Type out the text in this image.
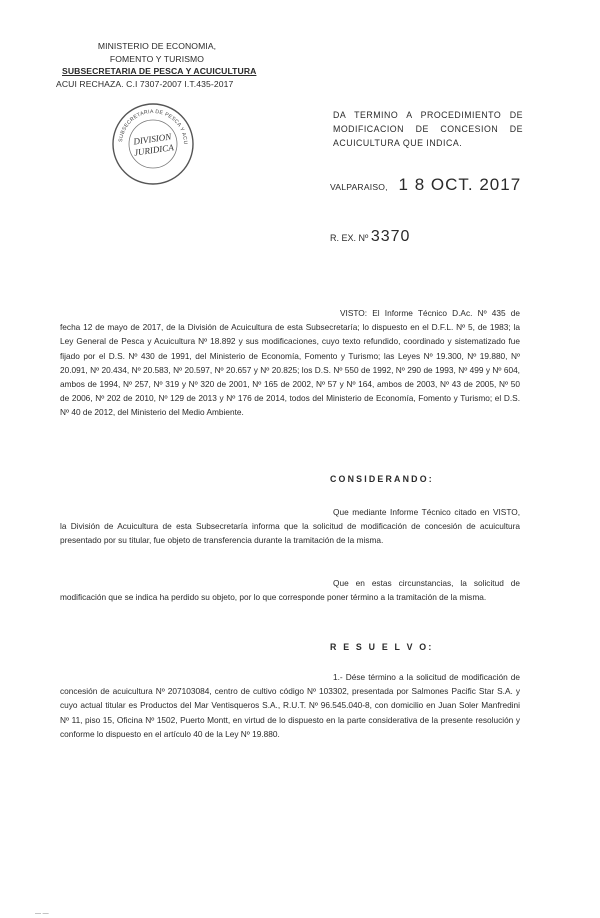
MINISTERIO DE ECONOMIA,
FOMENTO Y TURISMO
SUBSECRETARIA DE PESCA Y ACUICULTURA
ACUI RECHAZA. C.I 7307-2007 I.T.435-2017
SUBSECRETARIA DE PESCA Y ACU
DIVISION
JURIDICA
DA TERMINO A PROCEDIMIENTO DE MODIFICACION DE CONCESION DE ACUICULTURA QUE INDICA.
VALPARAISO, 1 8 OCT. 2017
R. EX. Nº 3370
VISTO: El Informe Técnico D.Ac. Nº 435 de fecha 12 de mayo de 2017, de la División de Acuicultura de esta Subsecretaría; lo dispuesto en el D.F.L. Nº 5, de 1983; la Ley General de Pesca y Acuicultura Nº 18.892 y sus modificaciones, cuyo texto refundido, coordinado y sistematizado fue fijado por el D.S. Nº 430 de 1991, del Ministerio de Economía, Fomento y Turismo; las Leyes Nº 19.300, Nº 19.880, Nº 20.091, Nº 20.434, Nº 20.583, Nº 20.597, Nº 20.657 y Nº 20.825; los D.S. Nº 550 de 1992, Nº 290 de 1993, Nº 499 y Nº 604, ambos de 1994, Nº 257, Nº 319 y Nº 320 de 2001, Nº 165 de 2002, Nº 57 y Nº 164, ambos de 2003, Nº 43 de 2005, Nº 50 de 2006, Nº 202 de 2010, Nº 129 de 2013 y Nº 176 de 2014, todos del Ministerio de Economía, Fomento y Turismo; el D.S. Nº 40 de 2012, del Ministerio del Medio Ambiente.
CONSIDERANDO:
Que mediante Informe Técnico citado en VISTO, la División de Acuicultura de esta Subsecretaría informa que la solicitud de modificación de concesión de acuicultura presentado por su titular, fue objeto de transferencia durante la tramitación de la misma.
Que en estas circunstancias, la solicitud de modificación que se indica ha perdido su objeto, por lo que corresponde poner término a la tramitación de la misma.
R E S U E L V O:
1.- Dése término a la solicitud de modificación de concesión de acuicultura Nº 207103084, centro de cultivo código Nº 103302, presentada por Salmones Pacific Star S.A. y cuyo actual titular es Productos del Mar Ventisqueros S.A., R.U.T. Nº 96.545.040-8, con domicilio en Juan Soler Manfredini Nº 11, piso 15, Oficina Nº 1502, Puerto Montt, en virtud de lo dispuesto en la parte considerativa de la presente resolución y conforme lo dispuesto en el artículo 40 de la Ley Nº 19.880.
— —
